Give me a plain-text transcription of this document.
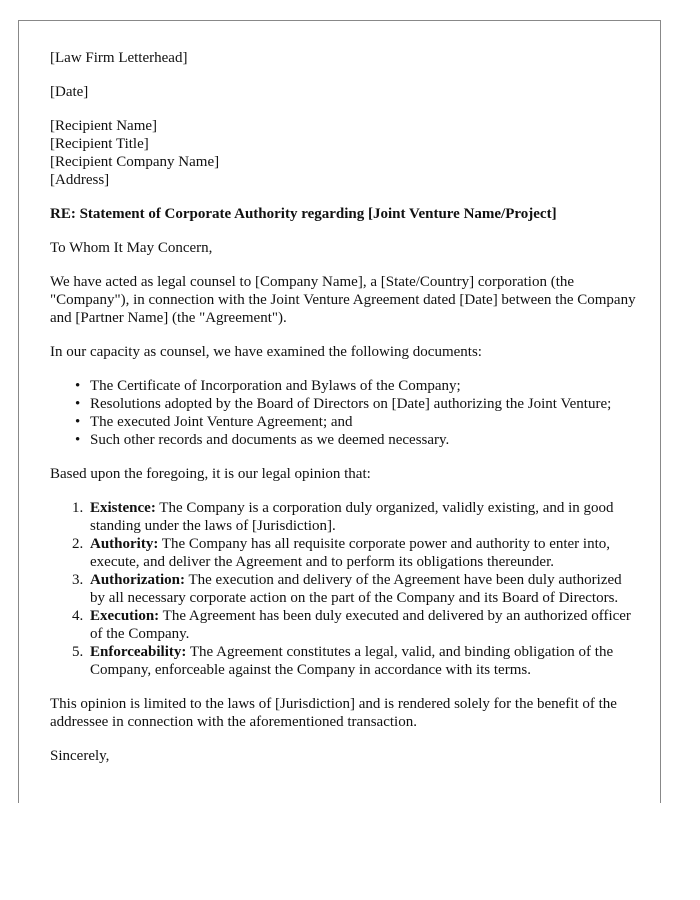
[Law Firm Letterhead]

[Date]

[Recipient Name]
[Recipient Title]
[Recipient Company Name]
[Address]

RE: Statement of Corporate Authority regarding [Joint Venture Name/Project]

To Whom It May Concern,

We have acted as legal counsel to [Company Name], a [State/Country] corporation (the "Company"), in connection with the Joint Venture Agreement dated [Date] between the Company and [Partner Name] (the "Agreement").

In our capacity as counsel, we have examined the following documents:

• The Certificate of Incorporation and Bylaws of the Company;
• Resolutions adopted by the Board of Directors on [Date] authorizing the Joint Venture;
• The executed Joint Venture Agreement; and
• Such other records and documents as we deemed necessary.

Based upon the foregoing, it is our legal opinion that:

1. Existence: The Company is a corporation duly organized, validly existing, and in good standing under the laws of [Jurisdiction].
2. Authority: The Company has all requisite corporate power and authority to enter into, execute, and deliver the Agreement and to perform its obligations thereunder.
3. Authorization: The execution and delivery of the Agreement have been duly authorized by all necessary corporate action on the part of the Company and its Board of Directors.
4. Execution: The Agreement has been duly executed and delivered by an authorized officer of the Company.
5. Enforceability: The Agreement constitutes a legal, valid, and binding obligation of the Company, enforceable against the Company in accordance with its terms.

This opinion is limited to the laws of [Jurisdiction] and is rendered solely for the benefit of the addressee in connection with the aforementioned transaction.

Sincerely,
